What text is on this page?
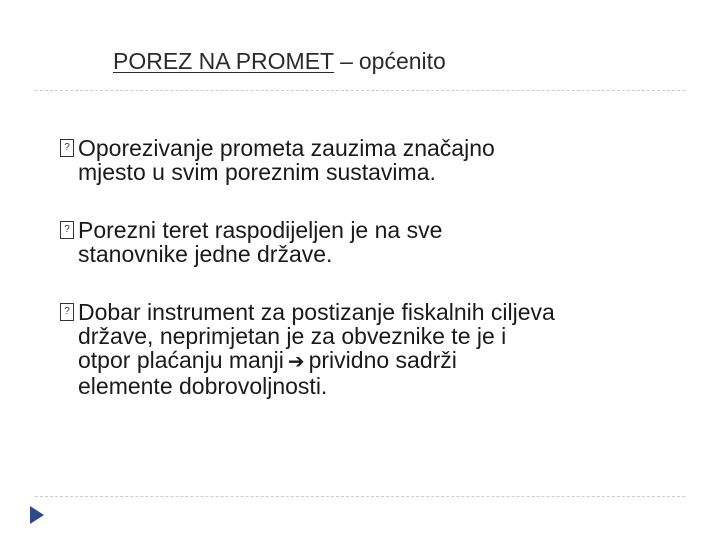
POREZ NA PROMET – općenito
? Oporezivanje prometa zauzima značajno
mjesto u svim poreznim sustavima.
? Porezni teret raspodijeljen je na sve
stanovnike jedne države.
? Dobar instrument za postizanje fiskalnih ciljeva
države, neprimjetan je za obveznike te je i
otpor plaćanju manji ➔ prividno sadrži
elemente dobrovoljnosti.
